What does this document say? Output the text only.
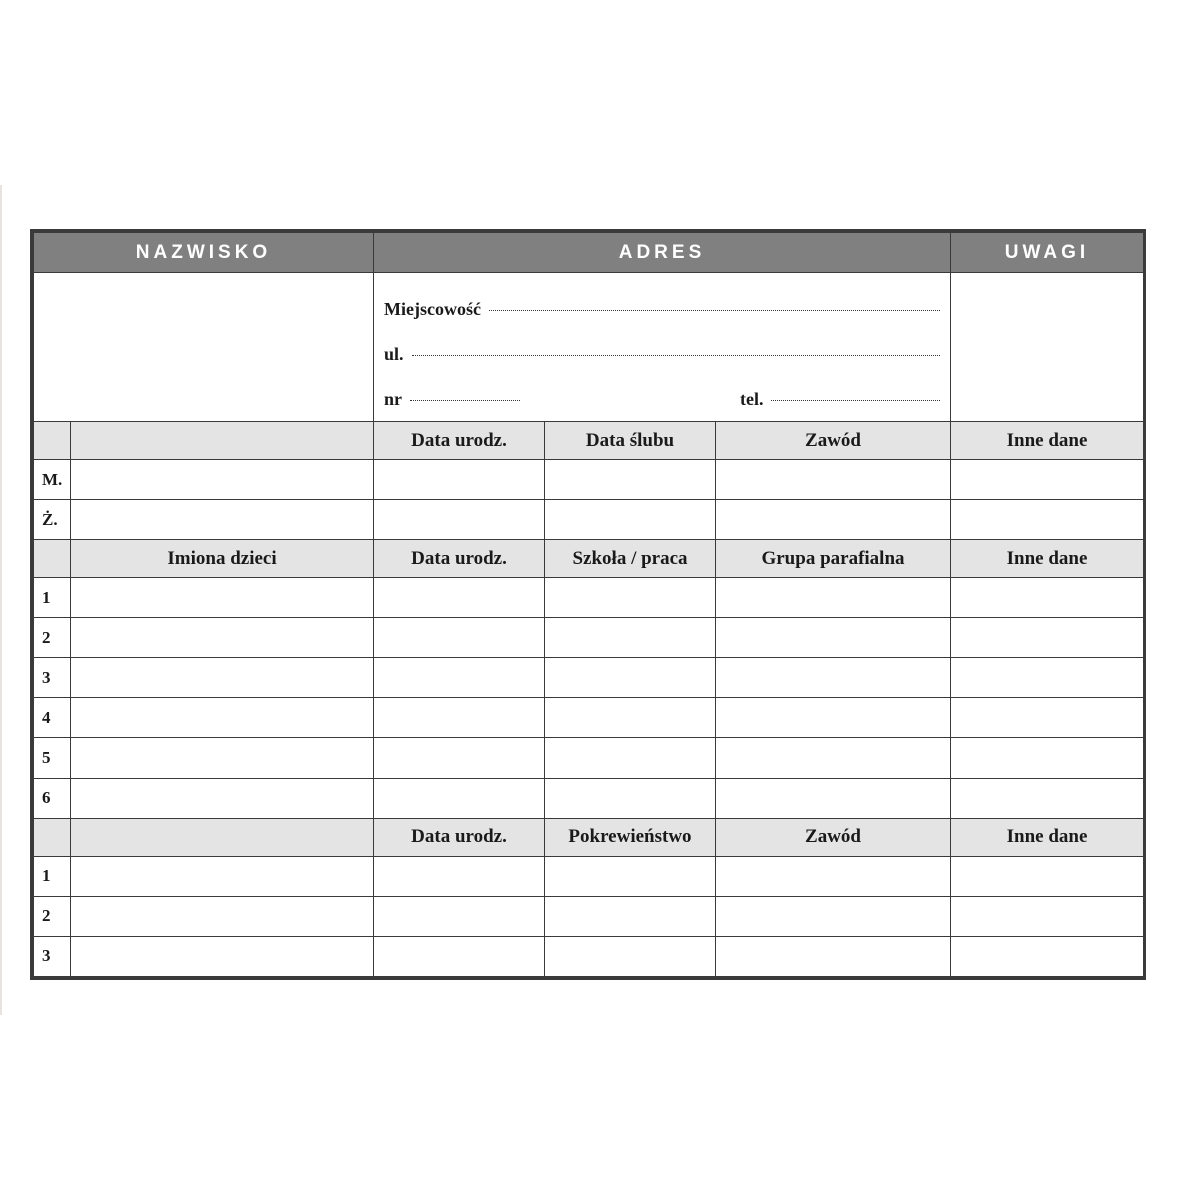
NAZWISKO		ADRES			UWAGI

		Miejscowość
ul.
nr tel.			

		Data urodz.	Data ślubu	Zawód	Inne dane
M.					
Ż.					
	Imiona dzieci	Data urodz.	Szkoła / praca	Grupa parafialna	Inne dane
1					
2					
3					
4					
5					
6					
		Data urodz.	Pokrewieństwo	Zawód	Inne dane
1					
2					
3					
